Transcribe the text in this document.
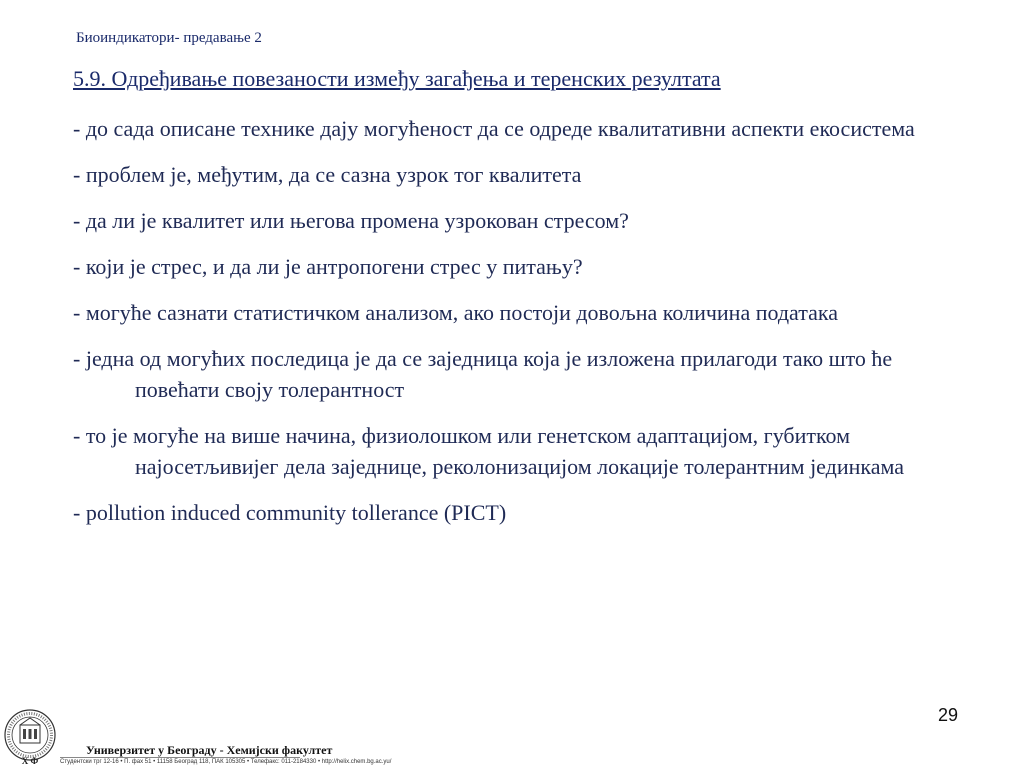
Биоиндикатори- предавање 2
5.9. Одређивање повезаности између загађења и теренских резултата
- до сада описане технике дају могућеност да се одреде квалитативни аспекти екосистема
- проблем је, међутим, да се сазна узрок тог квалитета
- да ли је квалитет или његова промена узрокован стресом?
- који је стрес, и да ли је антропогени стрес у питању?
- могуће сазнати статистичком анализом, ако постоји довољна количина података
- једна од могућих последица је да се заједница која је изложена прилагоди тако што ће повећати своју толерантност
- то је могуће на више начина, физиолошком или генетском адаптацијом, губитком најосетљивијег дела заједнице, реколонизацијом локације толерантним јединкама
- pollution induced community tollerance (PICT)
29
Х Ф
Универзитет у Београду - Хемијски факултет
Студентски трг 12-16 • П. фах 51 • 11158 Београд 118, ПАК 105305 • Телефакс: 011-2184330 • http://helix.chem.bg.ac.yu/
